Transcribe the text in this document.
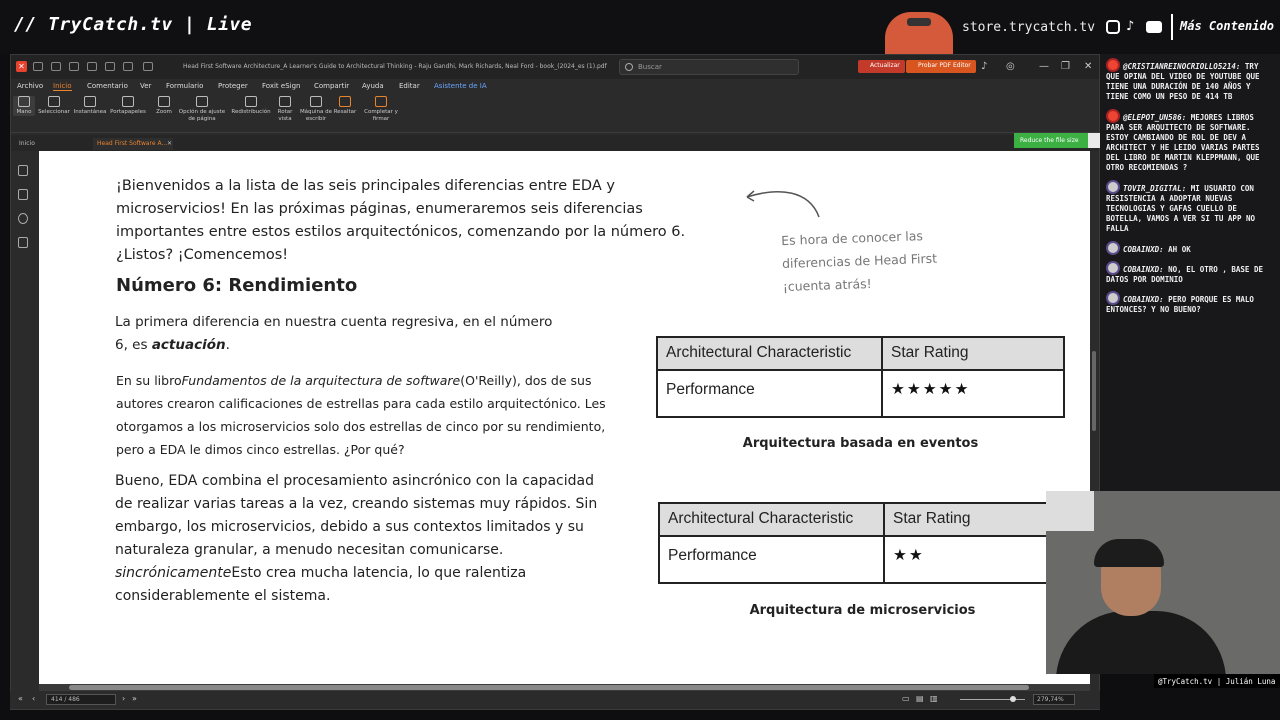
// TryCatch.tv | Live	store.trycatch.tv ♪	Más Contenido
✕	Head First Software Architecture_A Learner's Guide to Architectural Thinking - Raju Gandhi, Mark Richards, Neal Ford - book_(2024_es (1).pdf	Buscar	Actualizar	Probar PDF Editor	♪ ◎ — ❐ ✕
Archivo Inicio Comentario Ver Formulario Proteger Foxit eSign Compartir Ayuda Editar Asistente de IA
Mano	Seleccionar Instantánea Portapapeles	Zoom	Opción de ajuste de página
Redistribución	Rotar vista
Máquina de escribir
Resaltar Completar y firmar
Inicio	Head First Software A... ✕	Reduce the file size

¡Bienvenidos a la lista de las seis principales diferencias entre EDA y microservicios! En las próximas páginas, enumeraremos seis diferencias importantes entre estos estilos arquitectónicos, comenzando por la número 6. ¿Listos? ¡Comencemos!

Es hora de conocer las diferencias de Head First ¡cuenta atrás!

Número 6: Rendimiento

La primera diferencia en nuestra cuenta regresiva, en el número 6, es actuación.

En su libroFundamentos de la arquitectura de software(O'Reilly), dos de sus autores crearon calificaciones de estrellas para cada estilo arquitectónico. Les otorgamos a los microservicios solo dos estrellas de cinco por su rendimiento, pero a EDA le dimos cinco estrellas. ¿Por qué?

Bueno, EDA combina el procesamiento asincrónico con la capacidad de realizar varias tareas a la vez, creando sistemas muy rápidos. Sin embargo, los microservicios, debido a sus contextos limitados y su naturaleza granular, a menudo necesitan comunicarse. sincrónicamenteEsto crea mucha latencia, lo que ralentiza considerablemente el sistema.

Architectural Characteristic	Star Rating
Performance	★★★★★
Arquitectura basada en eventos
Architectural Characteristic	Star Rating
Performance	★★
Arquitectura de microservicios
« ‹	414 / 486	› »	▭ ▤ ▥	279,74%
@CRISTIANREINOCRIOLLO5214: TRY QUE OPINA DEL VIDEO DE YOUTUBE QUE TIENE UNA DURACIÓN DE 140 AÑOS Y TIENE COMO UN PESO DE 414 TB
@ELEPOT_UN586: MEJORES LIBROS PARA SER ARQUITECTO DE SOFTWARE. ESTOY CAMBIANDO DE ROL DE DEV A ARCHITECT Y HE LEIDO VARIAS PARTES DEL LIBRO DE MARTIN KLEPPMANN, QUE OTRO RECOMIENDAS ?
TOVIR_DIGITAL: MI USUARIO CON RESISTENCIA A ADOPTAR NUEVAS TECNOLOGIAS Y GAFAS CUELLO DE BOTELLA, VAMOS A VER SI TU APP NO FALLA
COBAINXD: AH OK
COBAINXD: NO, EL OTRO , BASE DE DATOS POR DOMINIO
COBAINXD: PERO PORQUE ES MALO ENTONCES? Y NO BUENO?
@TryCatch.tv | Julián Luna
